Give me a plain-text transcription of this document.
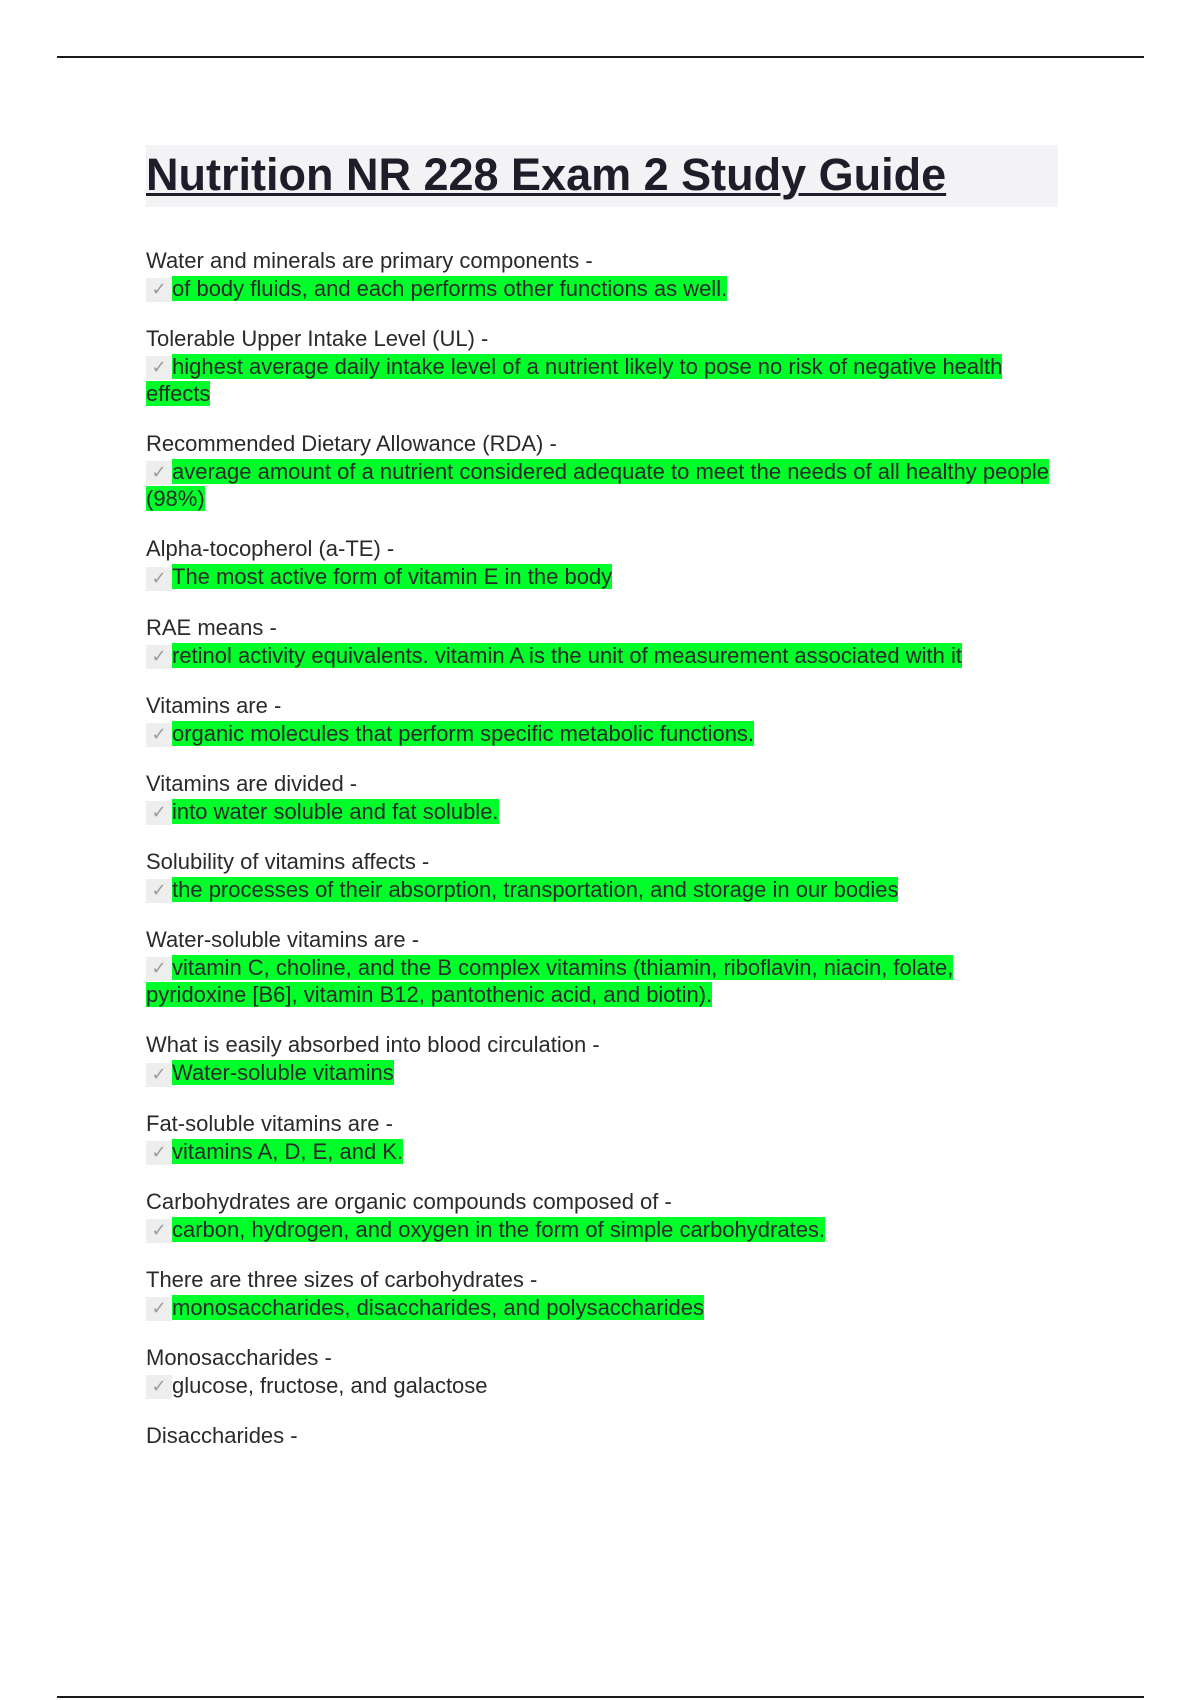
Nutrition NR 228 Exam 2 Study Guide
Water and minerals are primary components -
✓ of body fluids, and each performs other functions as well.
Tolerable Upper Intake Level (UL) -
✓ highest average daily intake level of a nutrient likely to pose no risk of negative health effects
Recommended Dietary Allowance (RDA) -
✓ average amount of a nutrient considered adequate to meet the needs of all healthy people (98%)
Alpha-tocopherol (a-TE) -
✓ The most active form of vitamin E in the body
RAE means -
✓ retinol activity equivalents. vitamin A is the unit of measurement associated with it
Vitamins are -
✓ organic molecules that perform specific metabolic functions.
Vitamins are divided -
✓ into water soluble and fat soluble.
Solubility of vitamins affects -
✓ the processes of their absorption, transportation, and storage in our bodies
Water-soluble vitamins are -
✓ vitamin C, choline, and the B complex vitamins (thiamin, riboflavin, niacin, folate, pyridoxine [B6], vitamin B12, pantothenic acid, and biotin).
What is easily absorbed into blood circulation -
✓ Water-soluble vitamins
Fat-soluble vitamins are -
✓ vitamins A, D, E, and K.
Carbohydrates are organic compounds composed of -
✓ carbon, hydrogen, and oxygen in the form of simple carbohydrates.
There are three sizes of carbohydrates -
✓ monosaccharides, disaccharides, and polysaccharides
Monosaccharides -
✓ glucose, fructose, and galactose
Disaccharides -
